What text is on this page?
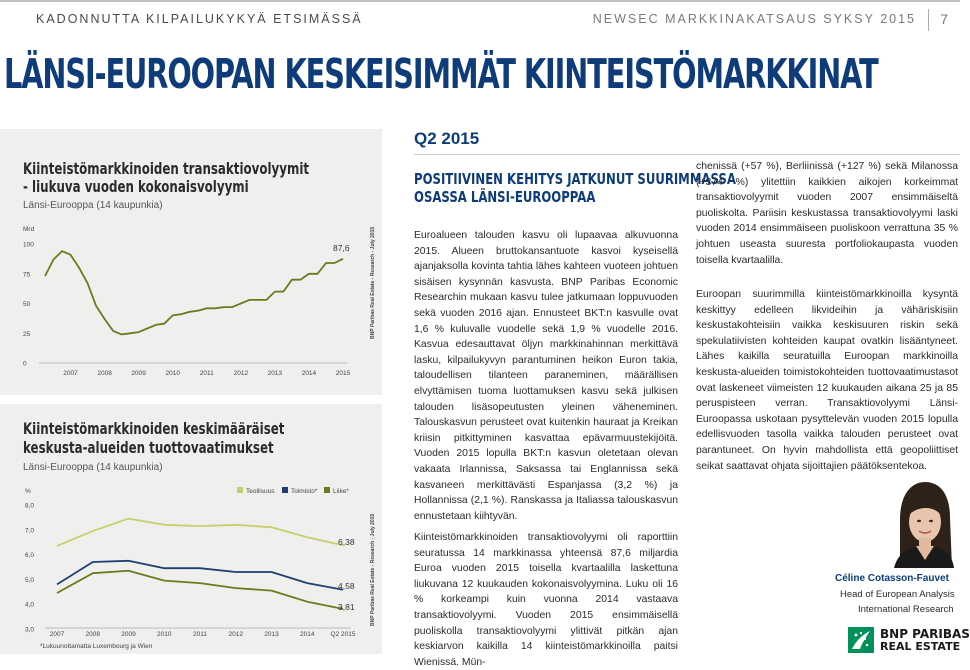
KADONNUTTA KILPAILUKYKYÄ ETSIMÄSSÄ	NEWSEC MARKKINAKATSAUS SYKSY 2015 7
LÄNSI-EUROOPAN KESKEISIMMÄT KIINTEISTÖMARKKINAT
Kiinteistömarkkinoiden transaktiovolyymit
- liukuva vuoden kokonaisvolyymi
Länsi-Eurooppa (14 kaupunkia)
Mrd
87,6	BNP Paribas Real Estate - Research - July 2015
0
25
50
75
100
2007	2008	2009	2010	2011	2012	2013	2014	2015
Kiinteistömarkkinoiden keskimääräiset
keskusta-alueiden tuottovaatimukset
Länsi-Eurooppa (14 kaupunkia)
%
*Lukuunottamatta Luxembourg ja Wien
BNP Paribas Real Estate - Research - July 2015
3,0
4,0
5,0
6,0
7,0
8,0
2007	2008	2009	2010	2011	2012	2013	2014 Q2 2015
Teollisuus	Toimisto* Liike*
6,38
4,58
3,81
Q2 2015
POSITIIVINEN KEHITYS JATKUNUT SUURIMMASSA
OSASSA LÄNSI-EUROOPPAA

Euroalueen talouden kasvu oli lupaavaa alkuvuonna 2015. Alueen bruttokansantuote kasvoi kyseisellä ajanjaksolla kovinta tahtia lähes kahteen vuoteen johtuen sisäisen kysynnän kasvusta. BNP Paribas Economic Researchin mukaan kasvu tulee jatkumaan loppuvuoden sekä vuoden 2016 ajan. Ennusteet BKT:n kasvulle ovat 1,6 % kuluvalle vuodelle sekä 1,9 % vuodelle 2016. Kasvua edesauttavat öljyn markkinahinnan merkittävä lasku, kilpailukyvyn parantuminen heikon Euron takia, taloudellisen tilanteen paraneminen, määrällisen elvyttämisen tuoma luottamuksen kasvu sekä julkisen talouden lisäsopeutusten yleinen väheneminen. Talouskasvun perusteet ovat kuitenkin hauraat ja Kreikan kriisin pitkittyminen kasvattaa epävarmuustekijöitä. Vuoden 2015 lopulla BKT:n kasvun oletetaan olevan vakaata Irlannissa, Saksassa tai Englannissa sekä kasvaneen merkittävästi Espanjassa (3,2 %) ja Hollannissa (2,1 %). Ranskassa ja Italiassa talouskasvun ennustetaan kiihtyvän.

Kiinteistömarkkinoiden transaktiovolyymi oli raporttiin seuratussa 14 markkinassa yhteensä 87,6 miljardia Euroa vuoden 2015 toisella kvartaalilla laskettuna liukuvana 12 kuukauden kokonaisvolyymina. Luku oli 16 % korkeampi kuin vuonna 2014 vastaava transaktiovolyymi. Vuoden 2015 ensimmäisellä puoliskolla transaktiovolyymi ylittivät pitkän ajan keskiarvon kaikilla 14 kiinteistömarkkinoilla paitsi Wienissä. Mün-

chenissä (+57 %), Berliinissä (+127 %) sekä Milanossa (+374 %) ylitettiin kaikkien aikojen korkeimmat transaktiovolyymit vuoden 2007 ensimmäiseltä puoliskolta. Pariisin keskustassa transaktiovolyymi laski vuoden 2014 ensimmäiseen puoliskoon verrattuna 35 % johtuen useasta suuresta portfoliokaupasta vuoden toisella kvartaalilla.

Euroopan suurimmilla kiinteistömarkkinoilla kysyntä keskittyy edelleen likvideihin ja vähäriskisiin keskustakohteisiin vaikka keskisuuren riskin sekä spekulatiivisten kohteiden kaupat ovatkin lisääntyneet. Lähes kaikilla seuratuilla Euroopan markkinoilla keskusta-alueiden toimistokohteiden tuottovaatimustasot ovat laskeneet viimeisten 12 kuukauden aikana 25 ja 85 peruspisteen verran. Transaktiovolyymi Länsi-Euroopassa uskotaan pysyttelevän vuoden 2015 lopulla edellisvuoden tasolla vaikka talouden perusteet ovat parantuneet. On hyvin mahdollista että geopoliittiset seikat saattavat ohjata sijoittajien päätöksentekoa.

Céline Cotasson-Fauvet
Head of European Analysis
International Research
BNP PARIBAS
REAL ESTATE
